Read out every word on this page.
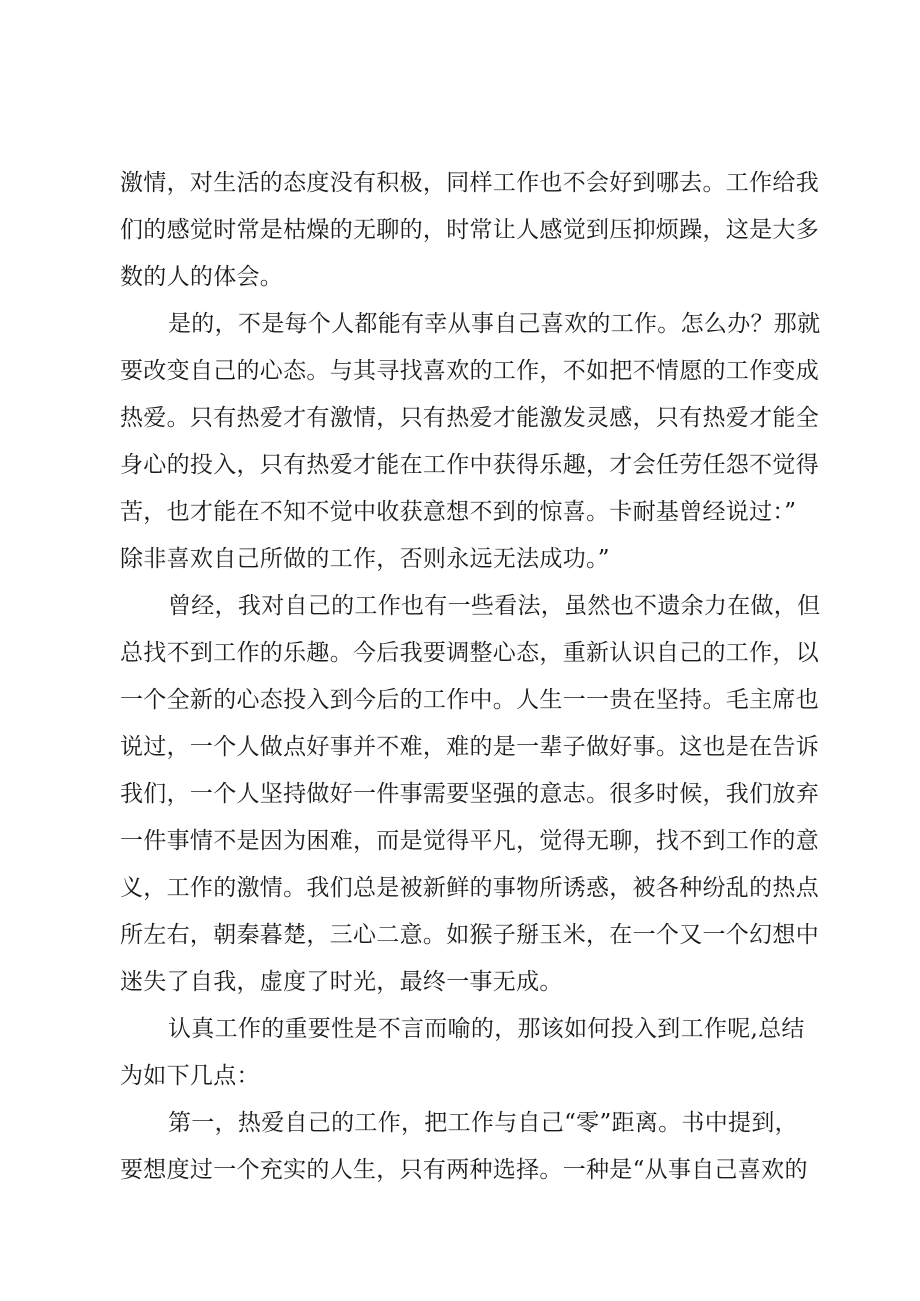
激情，对生活的态度没有积极，同样工作也不会好到哪去。工作给我
们的感觉时常是枯燥的无聊的，时常让人感觉到压抑烦躁，这是大多
数的人的体会。
是的，不是每个人都能有幸从事自己喜欢的工作。怎么办？那就
要改变自己的心态。与其寻找喜欢的工作，不如把不情愿的工作变成
热爱。只有热爱才有激情，只有热爱才能激发灵感，只有热爱才能全
身心的投入，只有热爱才能在工作中获得乐趣，才会任劳任怨不觉得
苦，也才能在不知不觉中收获意想不到的惊喜。卡耐基曾经说过：”
除非喜欢自己所做的工作，否则永远无法成功。”
曾经，我对自己的工作也有一些看法，虽然也不遗余力在做，但
总找不到工作的乐趣。今后我要调整心态，重新认识自己的工作，以
一个全新的心态投入到今后的工作中。人生一一贵在坚持。毛主席也
说过，一个人做点好事并不难，难的是一辈子做好事。这也是在告诉
我们，一个人坚持做好一件事需要坚强的意志。很多时候，我们放弃
一件事情不是因为困难，而是觉得平凡，觉得无聊，找不到工作的意
义，工作的激情。我们总是被新鲜的事物所诱惑，被各种纷乱的热点
所左右，朝秦暮楚，三心二意。如猴子掰玉米，在一个又一个幻想中
迷失了自我，虚度了时光，最终一事无成。
认真工作的重要性是不言而喻的，那该如何投入到工作呢,总结
为如下几点：
第一，热爱自己的工作，把工作与自己“零”距离。书中提到，
要想度过一个充实的人生，只有两种选择。一种是“从事自己喜欢的
